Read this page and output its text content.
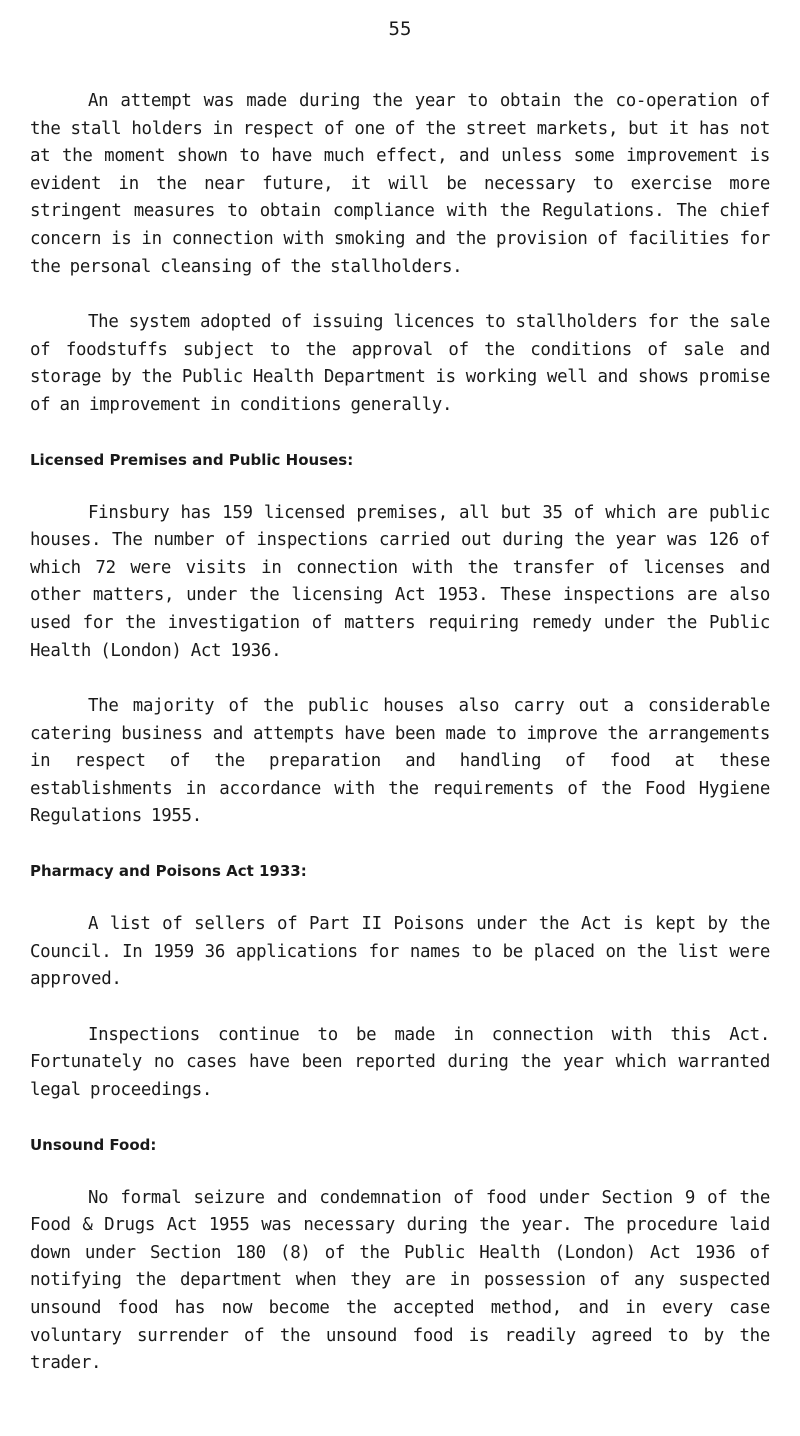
55

An attempt was made during the year to obtain the co-operation of the stall holders in respect of one of the street markets, but it has not at the moment shown to have much effect, and unless some improvement is evident in the near future, it will be necessary to exercise more stringent measures to obtain compliance with the Regulations. The chief concern is in connection with smoking and the provision of facilities for the personal cleansing of the stallholders.

The system adopted of issuing licences to stallholders for the sale of foodstuffs subject to the approval of the conditions of sale and storage by the Public Health Department is working well and shows promise of an improvement in conditions generally.

Licensed Premises and Public Houses:

Finsbury has 159 licensed premises, all but 35 of which are public houses. The number of inspections carried out during the year was 126 of which 72 were visits in connection with the transfer of licenses and other matters, under the licensing Act 1953. These inspections are also used for the investigation of matters requiring remedy under the Public Health (London) Act 1936.

The majority of the public houses also carry out a considerable catering business and attempts have been made to improve the arrangements in respect of the preparation and handling of food at these establishments in accordance with the requirements of the Food Hygiene Regulations 1955.

Pharmacy and Poisons Act 1933:

A list of sellers of Part II Poisons under the Act is kept by the Council. In 1959 36 applications for names to be placed on the list were approved.

Inspections continue to be made in connection with this Act. Fortunately no cases have been reported during the year which warranted legal proceedings.

Unsound Food:

No formal seizure and condemnation of food under Section 9 of the Food & Drugs Act 1955 was necessary during the year. The procedure laid down under Section 180 (8) of the Public Health (London) Act 1936 of notifying the department when they are in possession of any suspected unsound food has now become the accepted method, and in every case voluntary surrender of the unsound food is readily agreed to by the trader.
